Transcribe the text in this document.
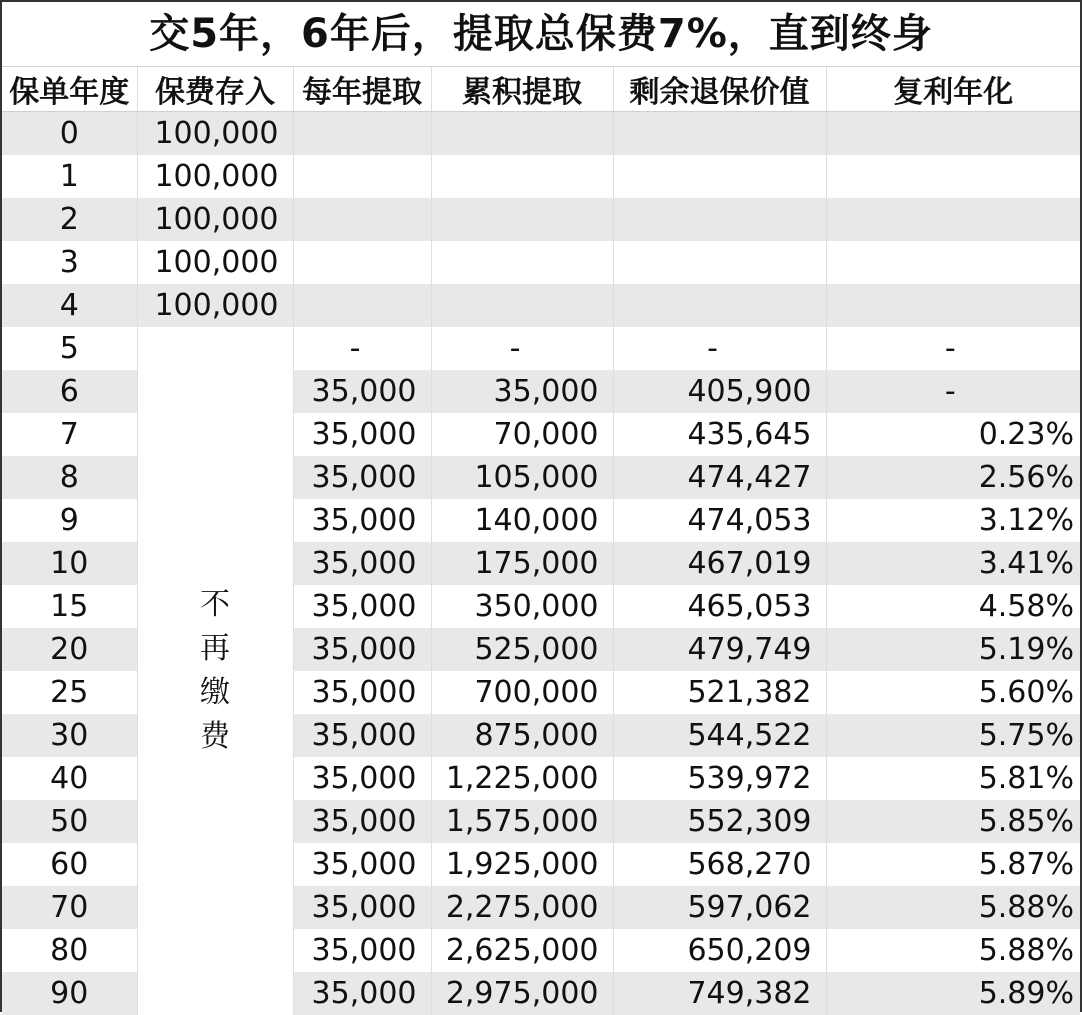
交5年，6年后，提取总保费7%，直到终身
保单年度	保费存入	每年提取	累积提取	剩余退保价值	复利年化
0	100,000				
1	100,000				
2	100,000				
3	100,000				
4	100,000				
5	不再缴费	-	-	-	-
6		35,000	35,000	405,900	-
7		35,000	70,000	435,645	0.23%
8		35,000	105,000	474,427	2.56%
9		35,000	140,000	474,053	3.12%
10		35,000	175,000	467,019	3.41%
15		35,000	350,000	465,053	4.58%
20		35,000	525,000	479,749	5.19%
25		35,000	700,000	521,382	5.60%
30		35,000	875,000	544,522	5.75%
40		35,000	1,225,000	539,972	5.81%
50		35,000	1,575,000	552,309	5.85%
60		35,000	1,925,000	568,270	5.87%
70		35,000	2,275,000	597,062	5.88%
80		35,000	2,625,000	650,209	5.88%
90		35,000	2,975,000	749,382	5.89%
